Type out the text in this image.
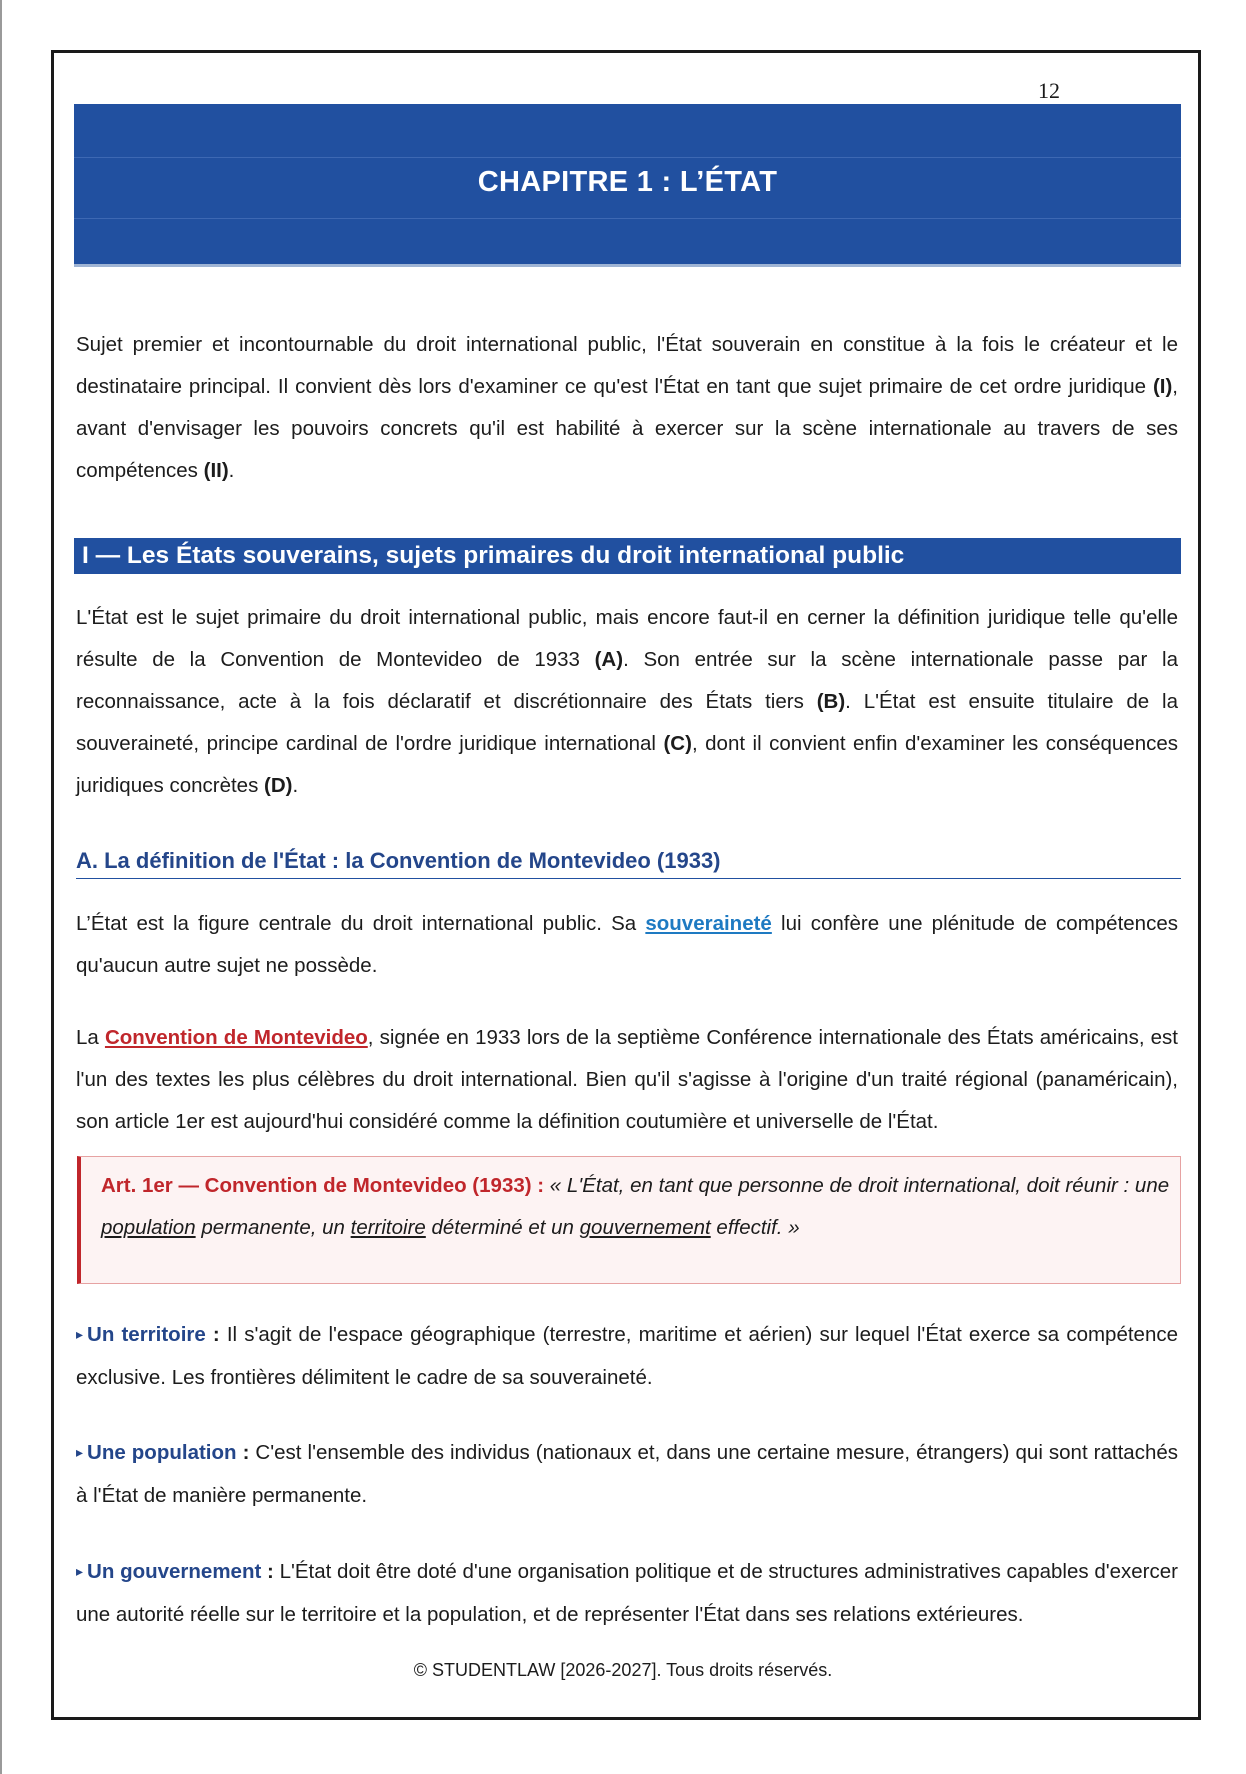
12
CHAPITRE 1 : L’ÉTAT

Sujet premier et incontournable du droit international public, l'État souverain en constitue à la fois le créateur et le destinataire principal. Il convient dès lors d'examiner ce qu'est l'État en tant que sujet primaire de cet ordre juridique (I), avant d'envisager les pouvoirs concrets qu'il est habilité à exercer sur la scène internationale au travers de ses compétences (II).

I — Les États souverains, sujets primaires du droit international public

L'État est le sujet primaire du droit international public, mais encore faut-il en cerner la définition juridique telle qu'elle résulte de la Convention de Montevideo de 1933 (A). Son entrée sur la scène internationale passe par la reconnaissance, acte à la fois déclaratif et discrétionnaire des États tiers (B). L'État est ensuite titulaire de la souveraineté, principe cardinal de l'ordre juridique international (C), dont il convient enfin d'examiner les conséquences juridiques concrètes (D).

A. La définition de l'État : la Convention de Montevideo (1933)

L’État est la figure centrale du droit international public. Sa souveraineté lui confère une plénitude de compétences qu'aucun autre sujet ne possède.

La Convention de Montevideo, signée en 1933 lors de la septième Conférence internationale des États américains, est l'un des textes les plus célèbres du droit international. Bien qu'il s'agisse à l'origine d'un traité régional (panaméricain), son article 1er est aujourd'hui considéré comme la définition coutumière et universelle de l'État.

Art. 1er — Convention de Montevideo (1933) : « L'État, en tant que personne de droit international, doit réunir : une population permanente, un territoire déterminé et un gouvernement effectif. »

▸ Un territoire : Il s'agit de l'espace géographique (terrestre, maritime et aérien) sur lequel l'État exerce sa compétence exclusive. Les frontières délimitent le cadre de sa souveraineté.

▸ Une population : C'est l'ensemble des individus (nationaux et, dans une certaine mesure, étrangers) qui sont rattachés à l'État de manière permanente.

▸ Un gouvernement : L'État doit être doté d'une organisation politique et de structures administratives capables d'exercer une autorité réelle sur le territoire et la population, et de représenter l'État dans ses relations extérieures.

© STUDENTLAW [2026-2027]. Tous droits réservés.
